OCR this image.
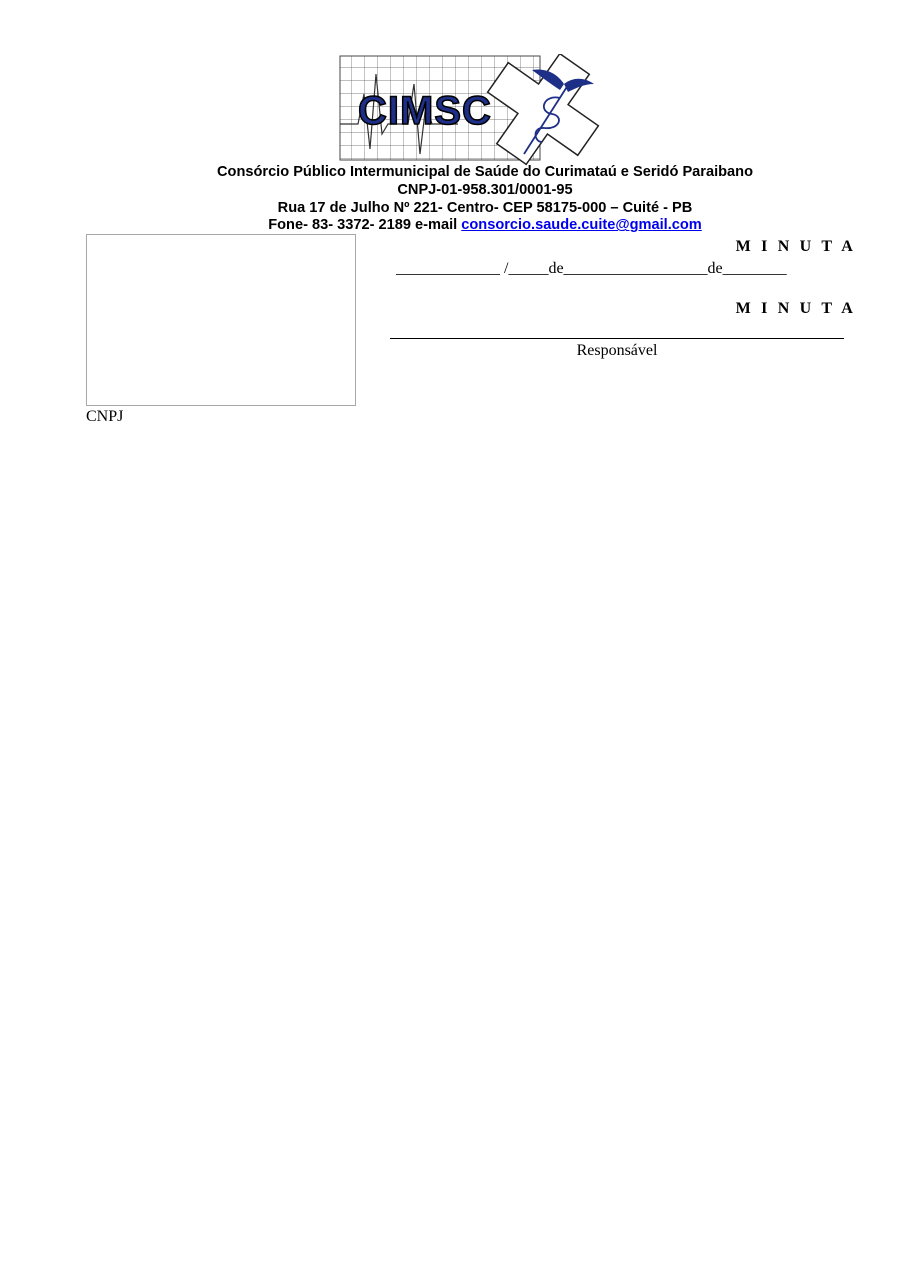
CIMSC
Consórcio Público Intermunicipal de Saúde do Curimataú e Seridó Paraibano
CNPJ-01-958.301/0001-95
Rua 17 de Julho Nº 221- Centro- CEP 58175-000 – Cuité - PB
Fone- 83- 3372- 2189 e-mail consorcio.saude.cuite@gmail.com
CNPJ
M I N U T A
_____________ /_____de__________________de________
M I N U T A
Responsável
